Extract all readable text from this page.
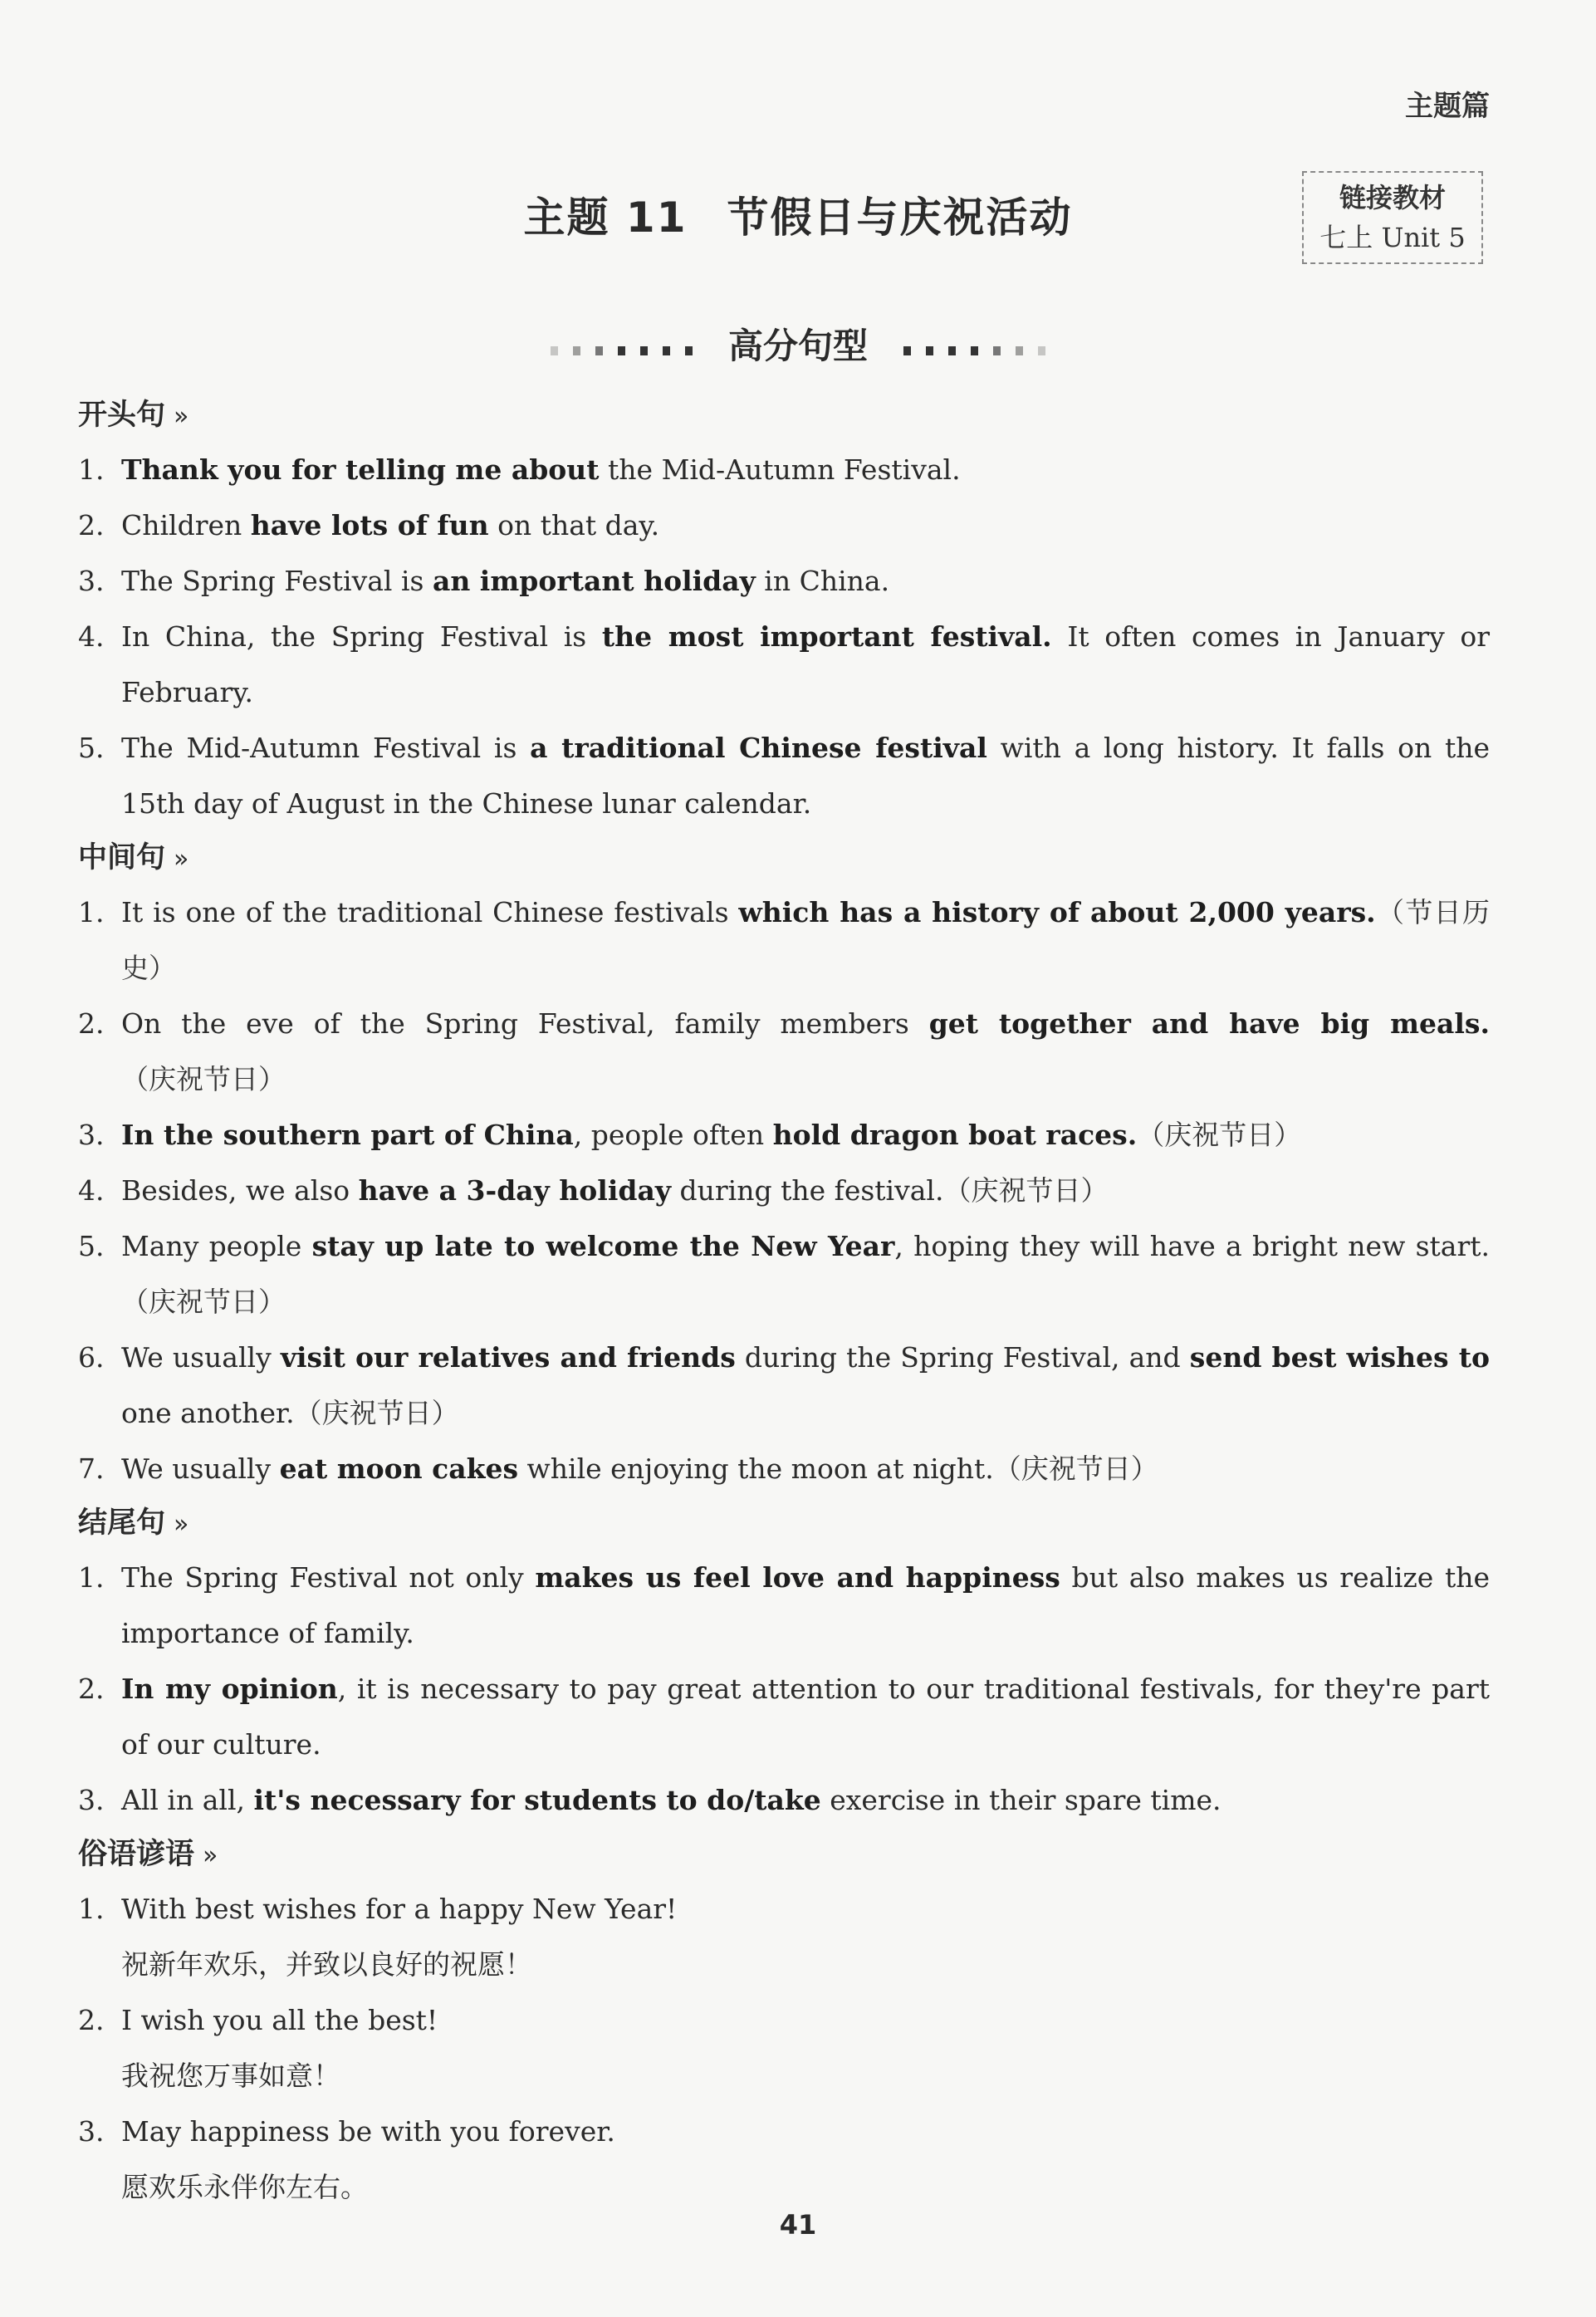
主题篇
主题 11 节假日与庆祝活动	链接教材
七上 Unit 5
高分句型
开头句 »
1. Thank you for telling me about the Mid-Autumn Festival.
2. Children have lots of fun on that day.
3. The Spring Festival is an important holiday in China.
4. In China, the Spring Festival is the most important festival. It often comes in January or February.
5. The Mid-Autumn Festival is a traditional Chinese festival with a long history. It falls on the 15th day of August in the Chinese lunar calendar.
中间句 »
1. It is one of the traditional Chinese festivals which has a history of about 2,000 years.（节日历史）
2. On the eve of the Spring Festival, family members get together and have big meals.（庆祝节日）
3. In the southern part of China, people often hold dragon boat races.（庆祝节日）
4. Besides, we also have a 3-day holiday during the festival.（庆祝节日）
5. Many people stay up late to welcome the New Year, hoping they will have a bright new start. （庆祝节日）
6. We usually visit our relatives and friends during the Spring Festival, and send best wishes to one another.（庆祝节日）
7. We usually eat moon cakes while enjoying the moon at night.（庆祝节日）
结尾句 »
1. The Spring Festival not only makes us feel love and happiness but also makes us realize the importance of family.
2. In my opinion, it is necessary to pay great attention to our traditional festivals, for they're part of our culture.
3. All in all, it's necessary for students to do/take exercise in their spare time.
俗语谚语 »
1. With best wishes for a happy New Year!
祝新年欢乐，并致以良好的祝愿！
2. I wish you all the best!
我祝您万事如意！
3. May happiness be with you forever.
愿欢乐永伴你左右。
41
